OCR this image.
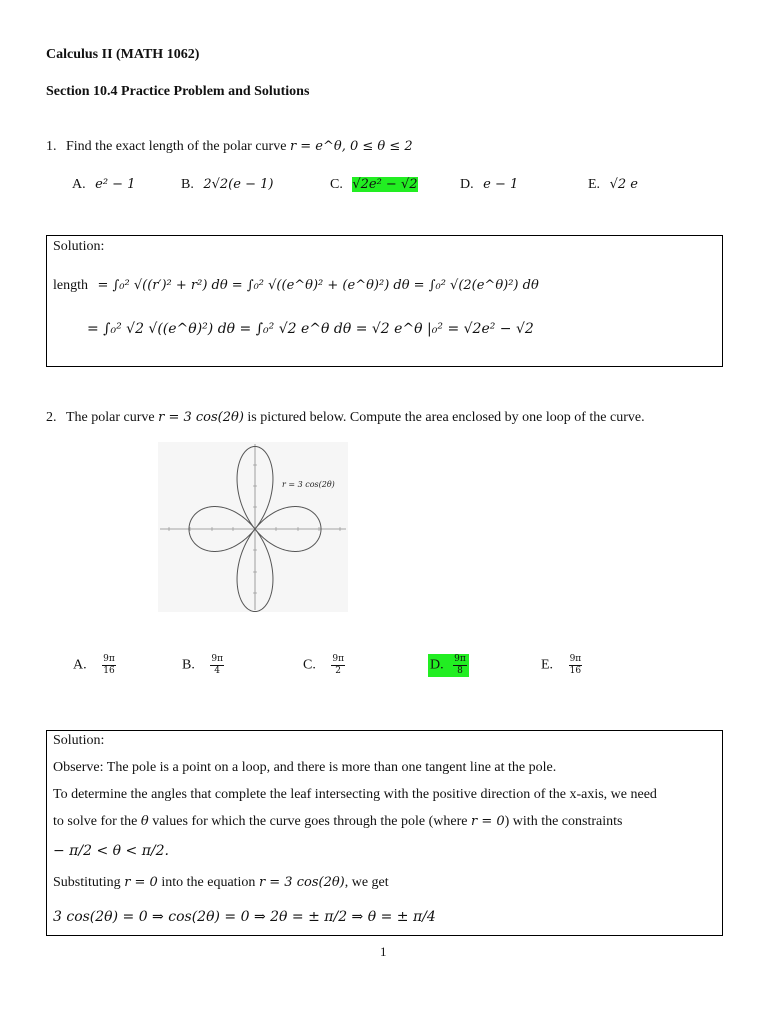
Calculus II (MATH 1062)
Section 10.4 Practice Problem and Solutions
1. Find the exact length of the polar curve r = e^θ, 0 ≤ θ ≤ 2
A. e² − 1	B. 2√2(e − 1)	C. √2e² − √2	D. e − 1	E. √2 e
Solution:
length = ∫₀² √((r′)² + r²) dθ = ∫₀² √((e^θ)² + (e^θ)²) dθ = ∫₀² √(2(e^θ)²) dθ
= ∫₀² √2 √((e^θ)²) dθ = ∫₀² √2 e^θ dθ = √2 e^θ |₀² = √2e² − √2
2. The polar curve r = 3 cos(2θ) is pictured below. Compute the area enclosed by one loop of the curve.
r = 3 cos(2θ)
A. $\frac{9\pi}{16}$	B. $\frac{9\pi}{4}$	C. $\frac{9\pi}{2}$	D. $\frac{9\pi}{8}$	E. $\frac{9\pi}{16}$
Solution:
Observe: The pole is a point on a loop, and there is more than one tangent line at the pole.
To determine the angles that complete the leaf intersecting with the positive direction of the x-axis, we need
to solve for the θ values for which the curve goes through the pole (where r = 0) with the constraints
− π/2 < θ < π/2.
Substituting r = 0 into the equation r = 3 cos(2θ), we get
3 cos(2θ) = 0 ⇒ cos(2θ) = 0 ⇒ 2θ = ± π/2 ⇒ θ = ± π/4
1
